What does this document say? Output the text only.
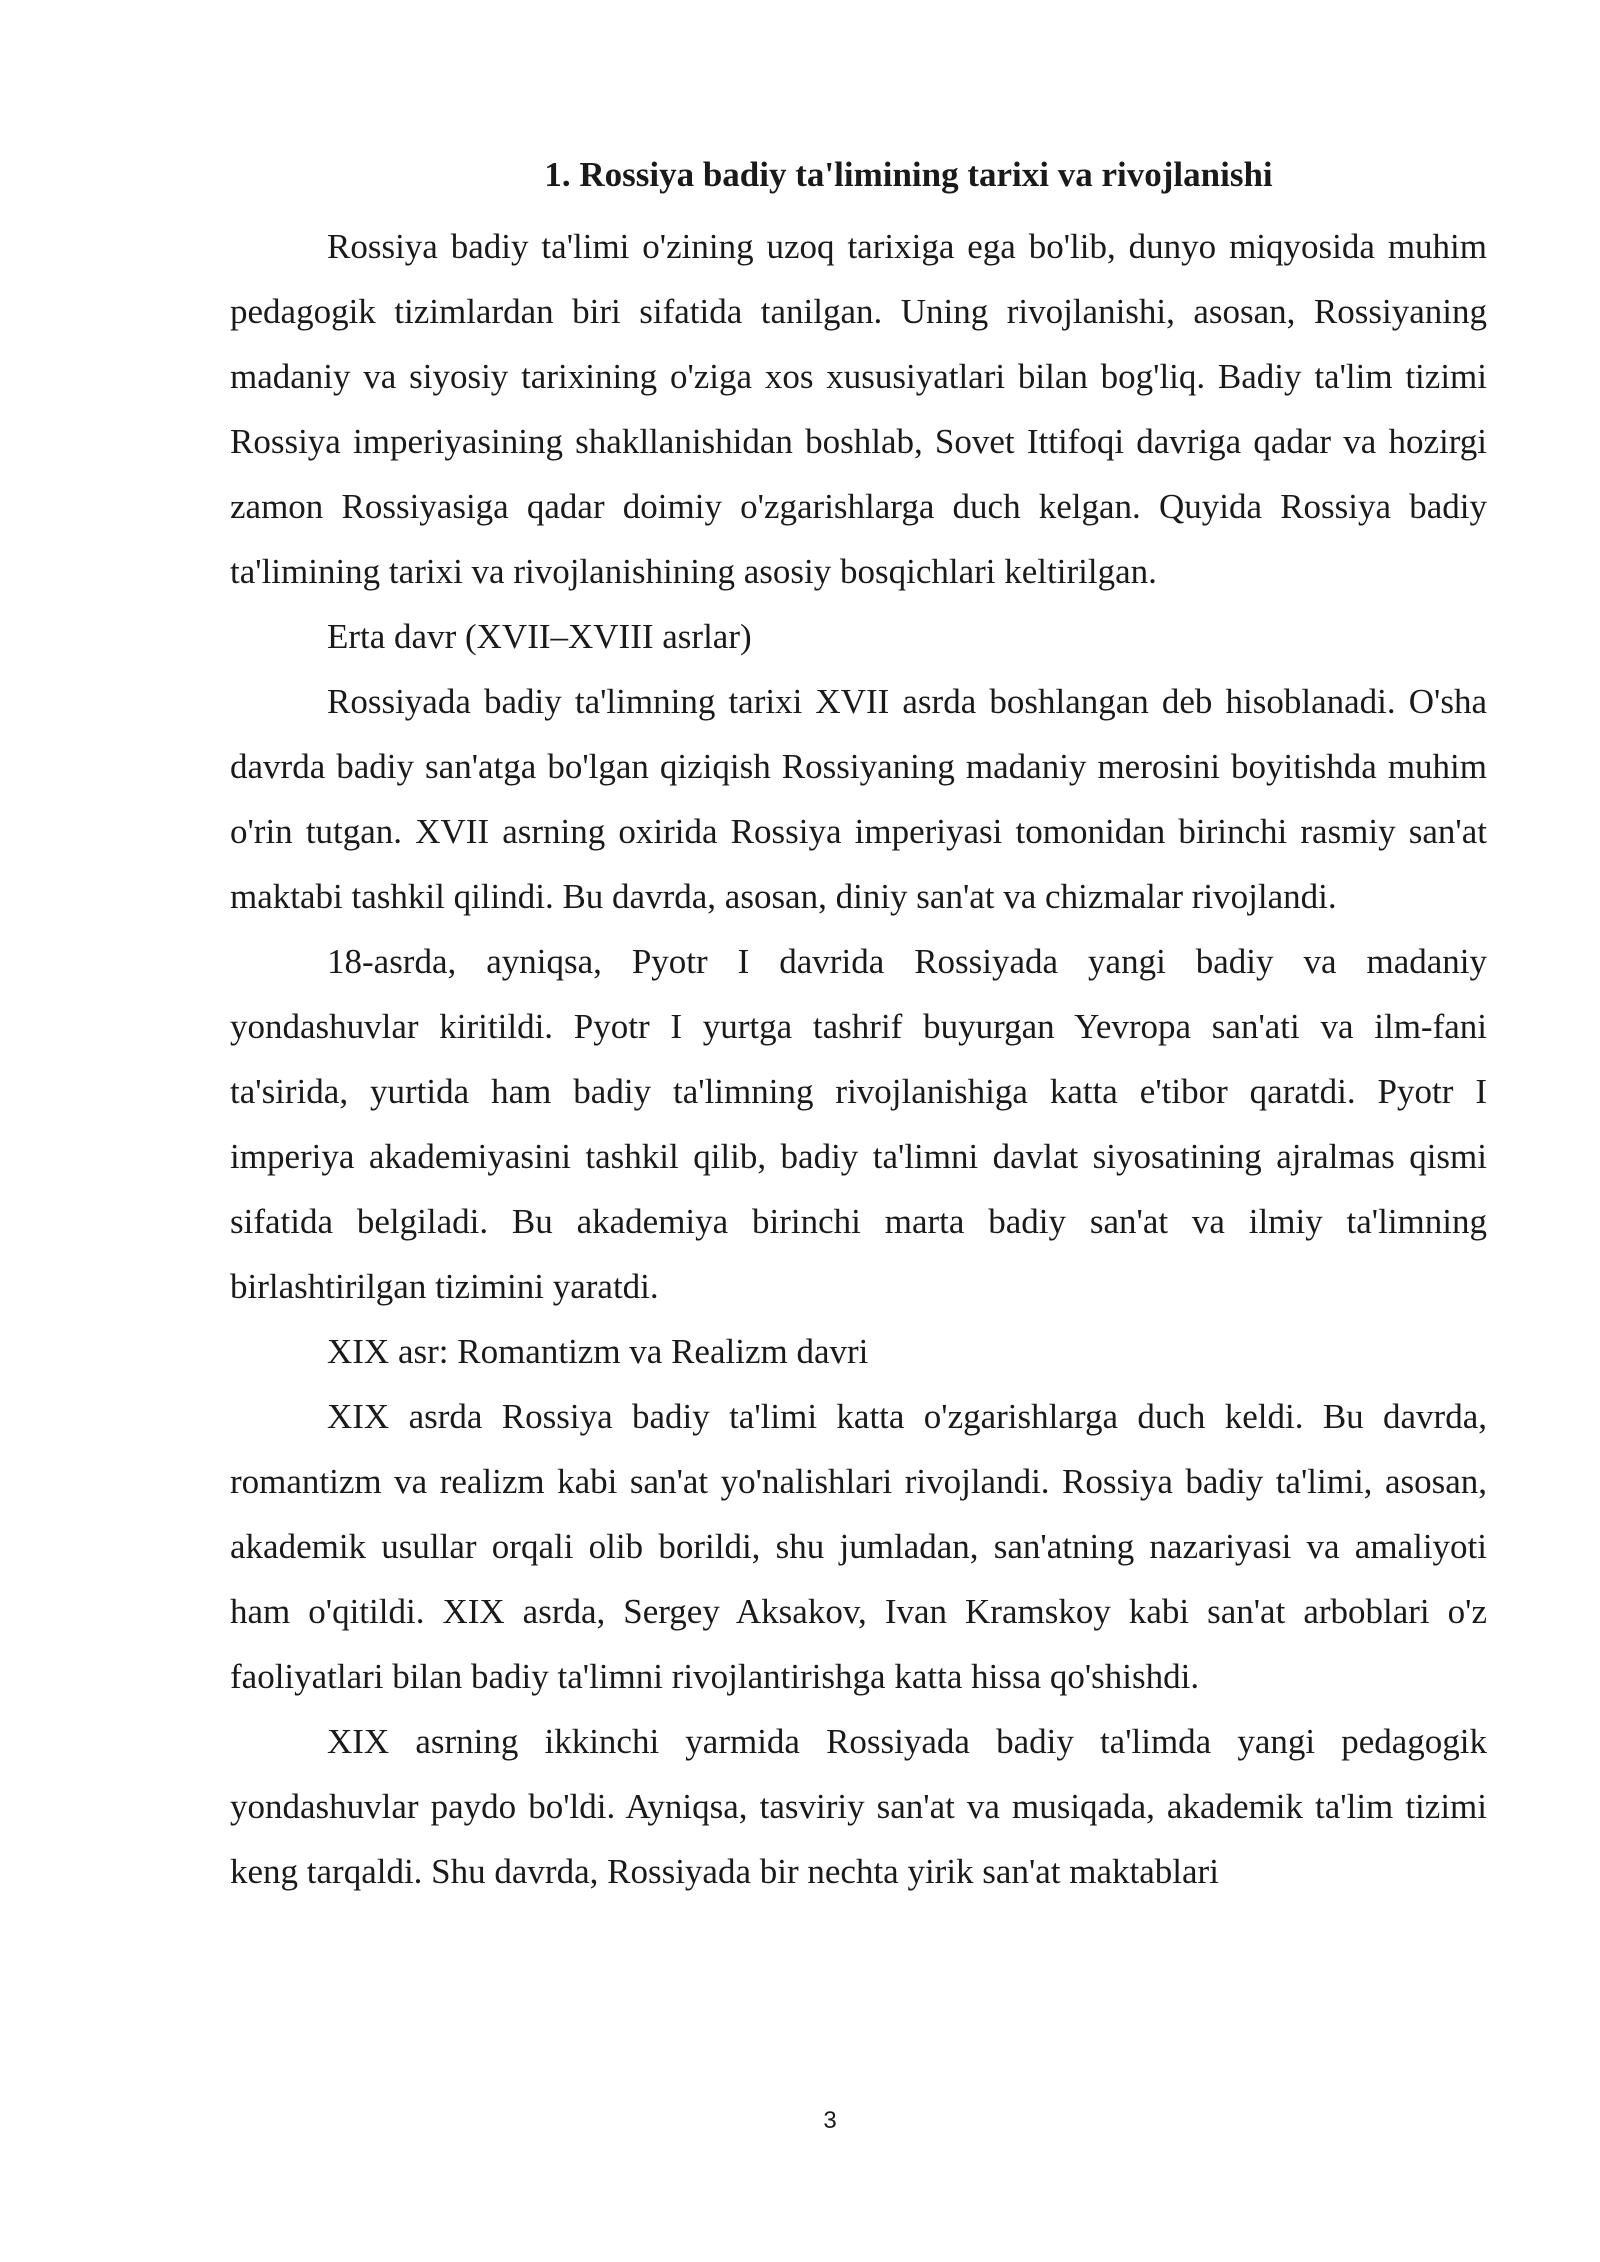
1. Rossiya badiy ta'limining tarixi va rivojlanishi

Rossiya badiy ta'limi o'zining uzoq tarixiga ega bo'lib, dunyo miqyosida muhim pedagogik tizimlardan biri sifatida tanilgan. Uning rivojlanishi, asosan, Rossiyaning madaniy va siyosiy tarixining o'ziga xos xususiyatlari bilan bog'liq. Badiy ta'lim tizimi Rossiya imperiyasining shakllanishidan boshlab, Sovet Ittifoqi davriga qadar va hozirgi zamon Rossiyasiga qadar doimiy o'zgarishlarga duch kelgan. Quyida Rossiya badiy ta'limining tarixi va rivojlanishining asosiy bosqichlari keltirilgan.

Erta davr (XVII–XVIII asrlar)

Rossiyada badiy ta'limning tarixi XVII asrda boshlangan deb hisoblanadi. O'sha davrda badiy san'atga bo'lgan qiziqish Rossiyaning madaniy merosini boyitishda muhim o'rin tutgan. XVII asrning oxirida Rossiya imperiyasi tomonidan birinchi rasmiy san'at maktabi tashkil qilindi. Bu davrda, asosan, diniy san'at va chizmalar rivojlandi.

18-asrda, ayniqsa, Pyotr I davrida Rossiyada yangi badiy va madaniy yondashuvlar kiritildi. Pyotr I yurtga tashrif buyurgan Yevropa san'ati va ilm-fani ta'sirida, yurtida ham badiy ta'limning rivojlanishiga katta e'tibor qaratdi. Pyotr I imperiya akademiyasini tashkil qilib, badiy ta'limni davlat siyosatining ajralmas qismi sifatida belgiladi. Bu akademiya birinchi marta badiy san'at va ilmiy ta'limning birlashtirilgan tizimini yaratdi.

XIX asr: Romantizm va Realizm davri

XIX asrda Rossiya badiy ta'limi katta o'zgarishlarga duch keldi. Bu davrda, romantizm va realizm kabi san'at yo'nalishlari rivojlandi. Rossiya badiy ta'limi, asosan, akademik usullar orqali olib borildi, shu jumladan, san'atning nazariyasi va amaliyoti ham o'qitildi. XIX asrda, Sergey Aksakov, Ivan Kramskoy kabi san'at arboblari o'z faoliyatlari bilan badiy ta'limni rivojlantirishga katta hissa qo'shishdi.

XIX asrning ikkinchi yarmida Rossiyada badiy ta'limda yangi pedagogik yondashuvlar paydo bo'ldi. Ayniqsa, tasviriy san'at va musiqada, akademik ta'lim tizimi keng tarqaldi. Shu davrda, Rossiyada bir nechta yirik san'at maktablari

3
